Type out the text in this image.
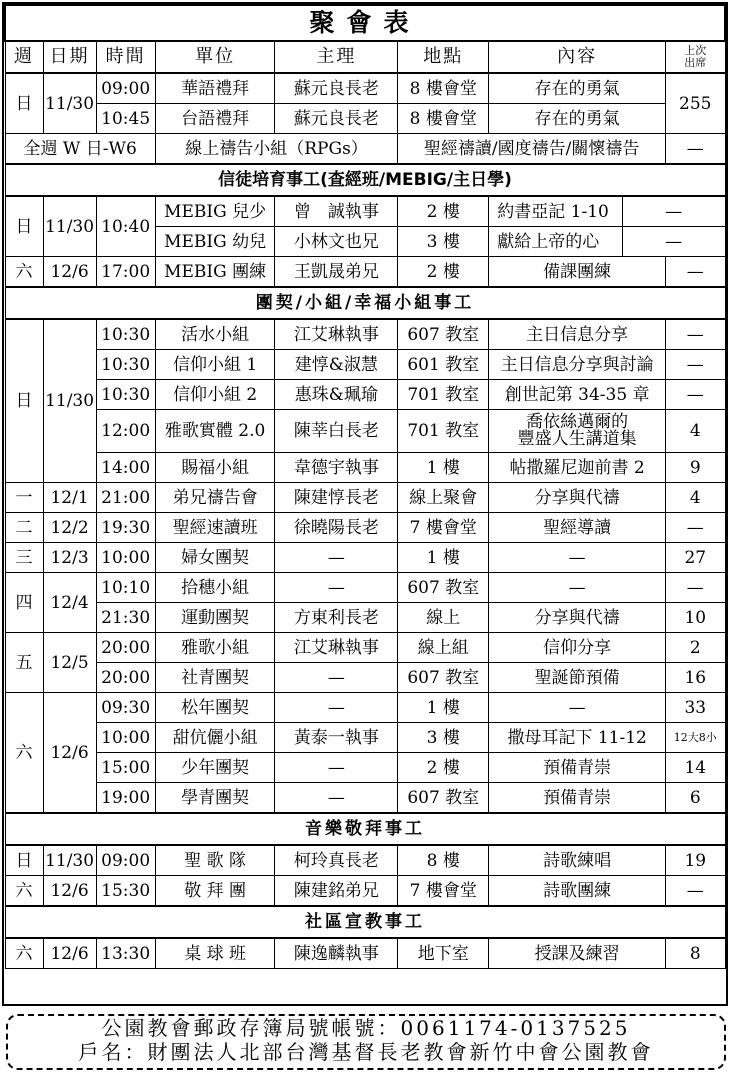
聚會表								
週	日期	時間	單位	主理	地點	內容		上次
出席

日	11/30	09:00	華語禮拜	蘇元良長老	8 樓會堂	存在的勇氣		255
		10:45	台語禮拜	蘇元良長老	8 樓會堂	存在的勇氣		
全週 W 日-W6			線上禱告小組（RPGs）		聖經禱讀/國度禱告/關懷禱告			—
信徒培育事工(查經班/MEBIG/主日學)								
日	11/30	10:40	MEBIG 兒少	曾　誠執事	2 樓	約書亞記 1-10	—	
			MEBIG 幼兒	小林文也兄	3 樓	獻給上帝的心	—	
六	12/6	17:00	MEBIG 團練	王凱晟弟兄	2 樓	備課團練		—
團契/小組/幸福小組事工								
日	11/30	10:30	活水小組	江艾琳執事	607 教室	主日信息分享		—
		10:30	信仰小組 1	建惇&淑慧	601 教室	主日信息分享與討論		—
		10:30	信仰小組 2	惠珠&珮瑜	701 教室	創世記第 34-35 章		—
		12:00	雅歌實體 2.0	陳莘白長老	701 教室	喬依絲邁爾的
豐盛人生講道集		4
		14:00	賜福小組	韋德宇執事	1 樓	帖撒羅尼迦前書 2		9
一	12/1	21:00	弟兄禱告會	陳建惇長老	線上聚會	分享與代禱		4
二	12/2	19:30	聖經速讀班	徐曉陽長老	7 樓會堂	聖經導讀		—
三	12/3	10:00	婦女團契	—	1 樓	—		27
四	12/4	10:10	拾穗小組	—	607 教室	—		—
		21:30	運動團契	方東利長老	線上	分享與代禱		10
五	12/5	20:00	雅歌小組	江艾琳執事	線上組	信仰分享		2
		20:00	社青團契	—	607 教室	聖誕節預備		16
六	12/6	09:30	松年團契	—	1 樓	—		33
		10:00	甜伉儷小組	黃泰一執事	3 樓	撒母耳記下 11-12		12大8小
		15:00	少年團契	—	2 樓	預備青崇		14
		19:00	學青團契	—	607 教室	預備青崇		6
音樂敬拜事工								
日	11/30	09:00	聖 歌 隊	柯玲真長老	8 樓	詩歌練唱		19
六	12/6	15:30	敬 拜 團	陳建銘弟兄	7 樓會堂	詩歌團練		—
社區宣教事工								
六	12/6	13:30	桌 球 班	陳逸麟執事	地下室	授課及練習		8
公園教會郵政存簿局號帳號：0061174-0137525
戶名：財團法人北部台灣基督長老教會新竹中會公園教會
